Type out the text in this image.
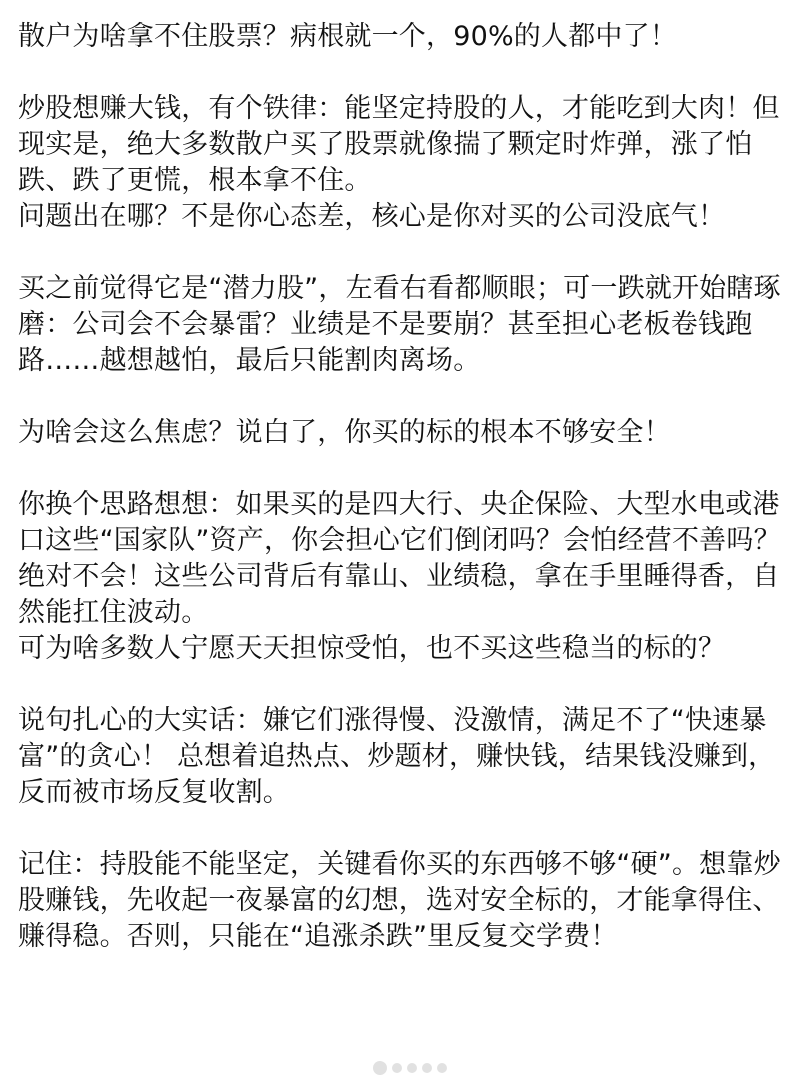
散户为啥拿不住股票？病根就一个，90%的人都中了！

炒股想赚大钱，有个铁律：能坚定持股的人，才能吃到大肉！但现实是，绝大多数散户买了股票就像揣了颗定时炸弹，涨了怕跌、跌了更慌，根本拿不住。
问题出在哪？不是你心态差，核心是你对买的公司没底气！

买之前觉得它是“潜力股”，左看右看都顺眼；可一跌就开始瞎琢磨：公司会不会暴雷？业绩是不是要崩？甚至担心老板卷钱跑路……越想越怕，最后只能割肉离场。

为啥会这么焦虑？说白了，你买的标的根本不够安全！

你换个思路想想：如果买的是四大行、央企保险、大型水电或港口这些“国家队”资产，你会担心它们倒闭吗？会怕经营不善吗？绝对不会！这些公司背后有靠山、业绩稳，拿在手里睡得香，自然能扛住波动。
可为啥多数人宁愿天天担惊受怕，也不买这些稳当的标的？

说句扎心的大实话：嫌它们涨得慢、没激情，满足不了“快速暴富”的贪心！ 总想着追热点、炒题材，赚快钱，结果钱没赚到，反而被市场反复收割。

记住：持股能不能坚定，关键看你买的东西够不够“硬”。想靠炒股赚钱，先收起一夜暴富的幻想，选对安全标的，才能拿得住、赚得稳。否则，只能在“追涨杀跌”里反复交学费！
